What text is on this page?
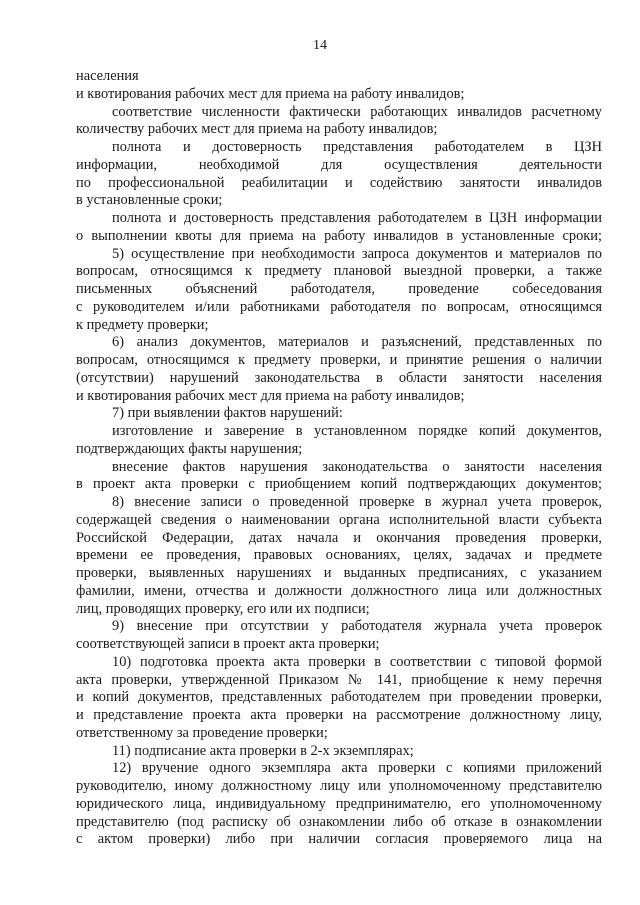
14
населения
и квотирования рабочих мест для приема на работу инвалидов;
соответствие численности фактически работающих инвалидов расчетному
количеству рабочих мест для приема на работу инвалидов;
полнота и достоверность представления работодателем в ЦЗН
информации, необходимой для осуществления деятельности
по профессиональной реабилитации и содействию занятости инвалидов
в установленные сроки;
полнота и достоверность представления работодателем в ЦЗН информации
о выполнении квоты для приема на работу инвалидов в установленные сроки;
5) осуществление при необходимости запроса документов и материалов по
вопросам, относящимся к предмету плановой выездной проверки, а также
письменных объяснений работодателя, проведение собеседования
с руководителем и/или работниками работодателя по вопросам, относящимся
к предмету проверки;
6) анализ документов, материалов и разъяснений, представленных по
вопросам, относящимся к предмету проверки, и принятие решения о наличии
(отсутствии) нарушений законодательства в области занятости населения
и квотирования рабочих мест для приема на работу инвалидов;
7) при выявлении фактов нарушений:
изготовление и заверение в установленном порядке копий документов,
подтверждающих факты нарушения;
внесение фактов нарушения законодательства о занятости населения
в проект акта проверки с приобщением копий подтверждающих документов;
8) внесение записи о проведенной проверке в журнал учета проверок,
содержащей сведения о наименовании органа исполнительной власти субъекта
Российской Федерации, датах начала и окончания проведения проверки,
времени ее проведения, правовых основаниях, целях, задачах и предмете
проверки, выявленных нарушениях и выданных предписаниях, с указанием
фамилии, имени, отчества и должности должностного лица или должностных
лиц, проводящих проверку, его или их подписи;
9) внесение при отсутствии у работодателя журнала учета проверок
соответствующей записи в проект акта проверки;
10) подготовка проекта акта проверки в соответствии с типовой формой
акта проверки, утвержденной Приказом № 141, приобщение к нему перечня
и копий документов, представленных работодателем при проведении проверки,
и представление проекта акта проверки на рассмотрение должностному лицу,
ответственному за проведение проверки;
11) подписание акта проверки в 2-х экземплярах;
12) вручение одного экземпляра акта проверки с копиями приложений
руководителю, иному должностному лицу или уполномоченному представителю
юридического лица, индивидуальному предпринимателю, его уполномоченному
представителю (под расписку об ознакомлении либо об отказе в ознакомлении
с актом проверки) либо при наличии согласия проверяемого лица на
